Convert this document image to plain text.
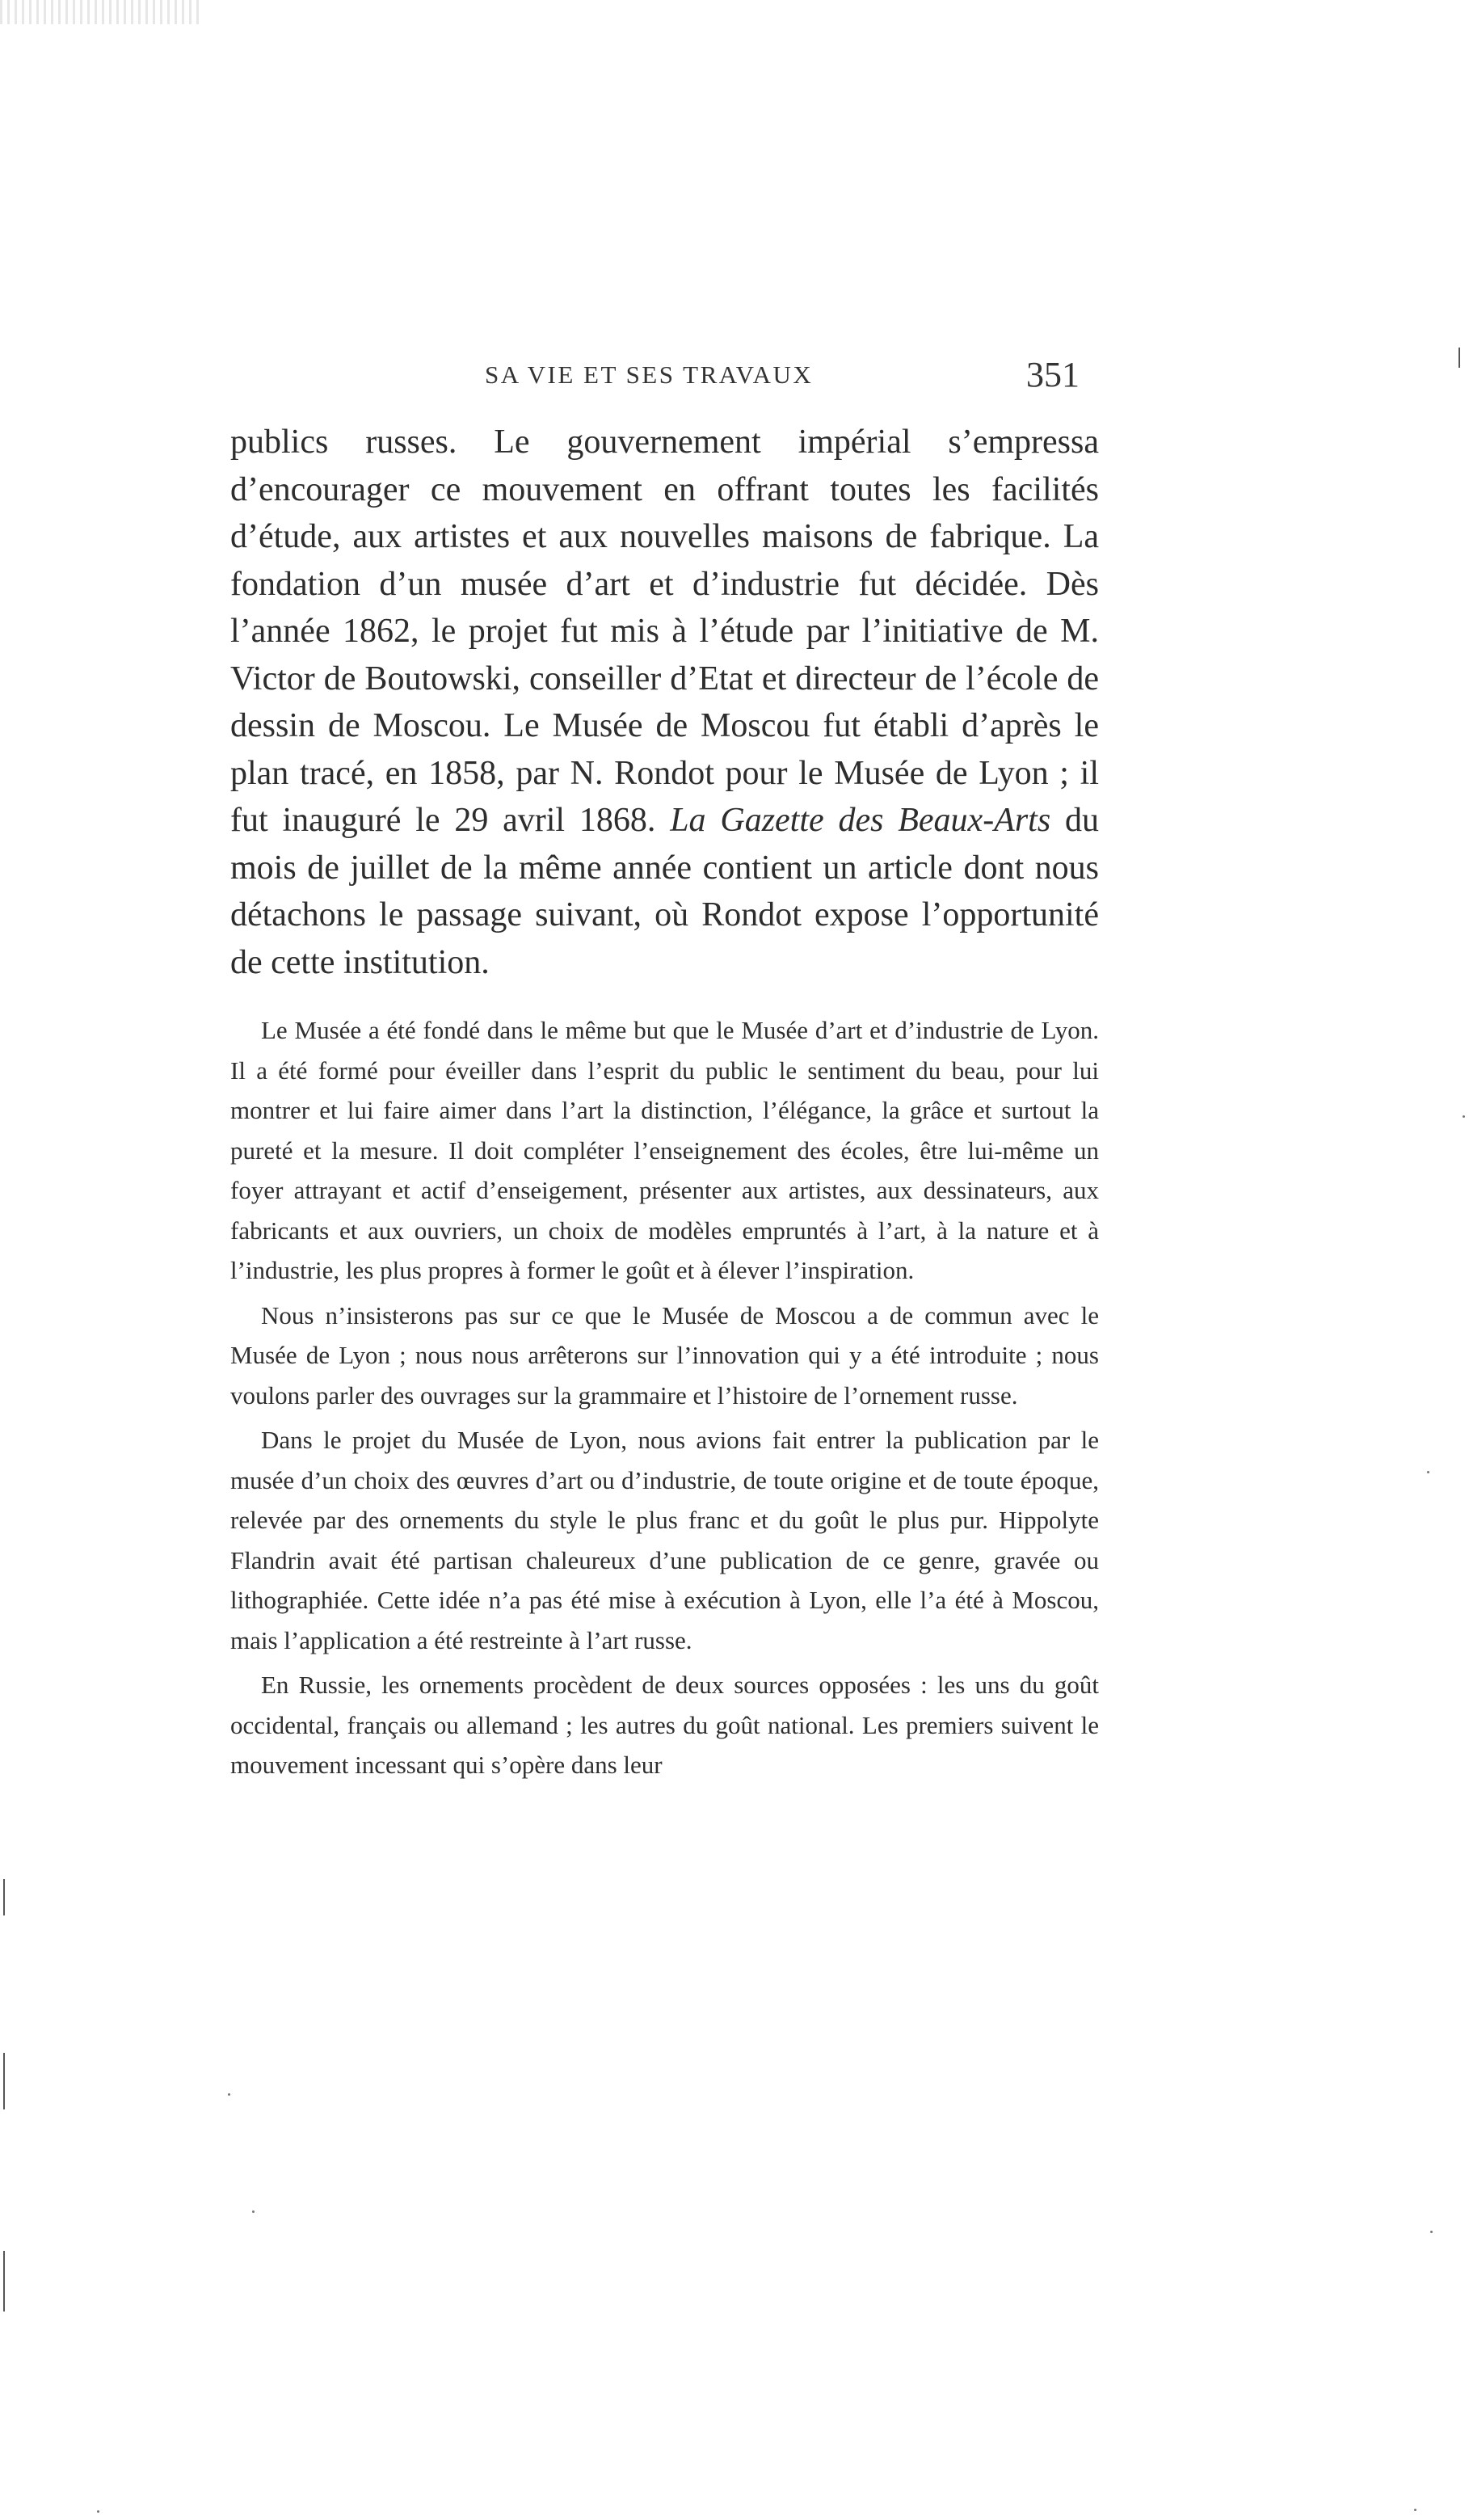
SA VIE ET SES TRAVAUX	351
publics russes. Le gouvernement impérial s’empressa d’encourager ce mouvement en offrant toutes les facilités d’étude, aux artistes et aux nouvelles maisons de fabrique. La fondation d’un musée d’art et d’industrie fut décidée. Dès l’année 1862, le projet fut mis à l’étude par l’initiative de M. Victor de Boutowski, conseiller d’Etat et directeur de l’école de dessin de Moscou. Le Musée de Moscou fut établi d’après le plan tracé, en 1858, par N. Rondot pour le Musée de Lyon ; il fut inauguré le 29 avril 1868. La Gazette des Beaux-Arts du mois de juillet de la même année contient un article dont nous détachons le passage suivant, où Rondot expose l’opportunité de cette institution.

Le Musée a été fondé dans le même but que le Musée d’art et d’industrie de Lyon. Il a été formé pour éveiller dans l’esprit du public le sentiment du beau, pour lui montrer et lui faire aimer dans l’art la distinction, l’élégance, la grâce et surtout la pureté et la mesure. Il doit compléter l’enseignement des écoles, être lui-même un foyer attrayant et actif d’enseigement, présenter aux artistes, aux dessinateurs, aux fabricants et aux ouvriers, un choix de modèles empruntés à l’art, à la nature et à l’industrie, les plus propres à former le goût et à élever l’inspiration.

Nous n’insisterons pas sur ce que le Musée de Moscou a de commun avec le Musée de Lyon ; nous nous arrêterons sur l’innovation qui y a été introduite ; nous voulons parler des ouvrages sur la grammaire et l’histoire de l’ornement russe.

Dans le projet du Musée de Lyon, nous avions fait entrer la publication par le musée d’un choix des œuvres d’art ou d’industrie, de toute origine et de toute époque, relevée par des ornements du style le plus franc et du goût le plus pur. Hippolyte Flandrin avait été partisan chaleureux d’une publication de ce genre, gravée ou lithographiée. Cette idée n’a pas été mise à exécution à Lyon, elle l’a été à Moscou, mais l’application a été restreinte à l’art russe.

En Russie, les ornements procèdent de deux sources opposées : les uns du goût occidental, français ou allemand ; les autres du goût national. Les premiers suivent le mouvement incessant qui s’opère dans leur
